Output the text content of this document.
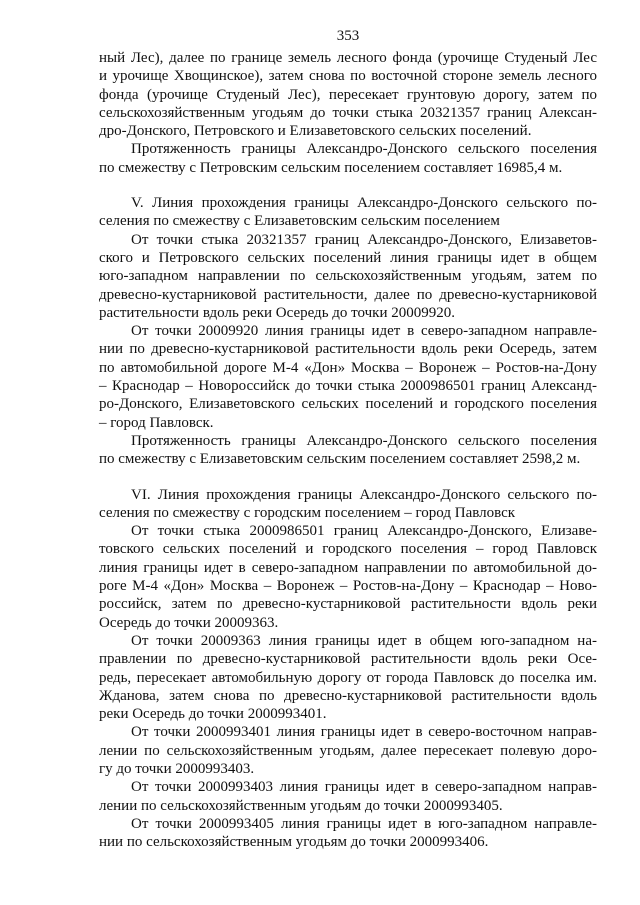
353
ный Лес), далее по границе земель лесного фонда (урочище Студеный Лес
и урочище Хвощинское), затем снова по восточной стороне земель лесного
фонда (урочище Студеный Лес), пересекает грунтовую дорогу, затем по
сельскохозяйственным угодьям до точки стыка 20321357 границ Алексан-
дро-Донского, Петровского и Елизаветовского сельских поселений.
Протяженность границы Александро-Донского сельского поселения
по смежеству с Петровским сельским поселением составляет 16985,4 м.
V. Линия прохождения границы Александро-Донского сельского по-
селения по смежеству с Елизаветовским сельским поселением
От точки стыка 20321357 границ Александро-Донского, Елизаветов-
ского и Петровского сельских поселений линия границы идет в общем
юго-западном направлении по сельскохозяйственным угодьям, затем по
древесно-кустарниковой растительности, далее по древесно-кустарниковой
растительности вдоль реки Осередь до точки 20009920.
От точки 20009920 линия границы идет в северо-западном направле-
нии по древесно-кустарниковой растительности вдоль реки Осередь, затем
по автомобильной дороге М-4 «Дон» Москва – Воронеж – Ростов-на-Дону
– Краснодар – Новороссийск до точки стыка 2000986501 границ Александ-
ро-Донского, Елизаветовского сельских поселений и городского поселения
– город Павловск.
Протяженность границы Александро-Донского сельского поселения
по смежеству с Елизаветовским сельским поселением составляет 2598,2 м.
VI. Линия прохождения границы Александро-Донского сельского по-
селения по смежеству с городским поселением – город Павловск
От точки стыка 2000986501 границ Александро-Донского, Елизаве-
товского сельских поселений и городского поселения – город Павловск
линия границы идет в северо-западном направлении по автомобильной до-
роге М-4 «Дон» Москва – Воронеж – Ростов-на-Дону – Краснодар – Ново-
российск, затем по древесно-кустарниковой растительности вдоль реки
Осередь до точки 20009363.
От точки 20009363 линия границы идет в общем юго-западном на-
правлении по древесно-кустарниковой растительности вдоль реки Осе-
редь, пересекает автомобильную дорогу от города Павловск до поселка им.
Жданова, затем снова по древесно-кустарниковой растительности вдоль
реки Осередь до точки 2000993401.
От точки 2000993401 линия границы идет в северо-восточном направ-
лении по сельскохозяйственным угодьям, далее пересекает полевую доро-
гу до точки 2000993403.
От точки 2000993403 линия границы идет в северо-западном направ-
лении по сельскохозяйственным угодьям до точки 2000993405.
От точки 2000993405 линия границы идет в юго-западном направле-
нии по сельскохозяйственным угодьям до точки 2000993406.
